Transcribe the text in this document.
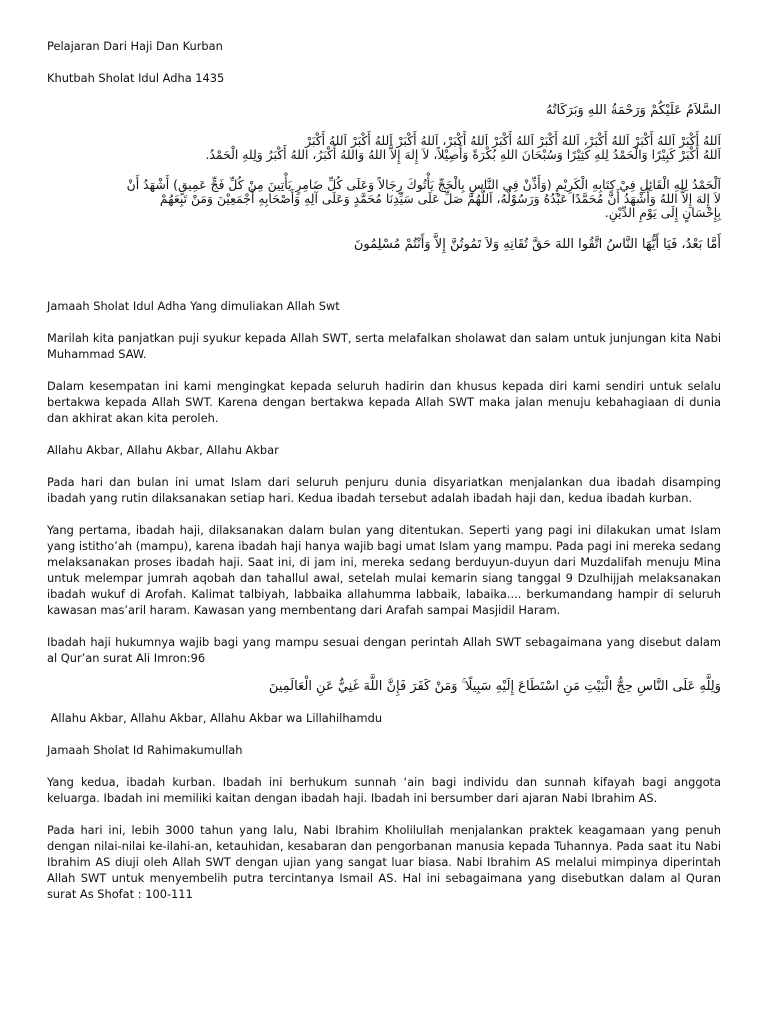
Pelajaran Dari Haji Dan Kurban

Khutbah Sholat Idul Adha 1435

السَّلاَمُ عَلَيْكُمْ وَرَحْمَةُ اللهِ وَبَرَكَاتُهُ

اَللهُ أَكْبَرْ اَللهُ أَكْبَرْ اَللهُ أَكْبَرْ، اَللهُ أَكْبَرْ اَللهُ أَكْبَرْ اَللهُ أَكْبَرْ، اَللهُ أَكْبَرْ اَللهُ أَكْبَرْ اَللهُ أَكْبَرْ

اَللهُ أَكْبَرْ كَبِيْرًا وَالْحَمْدُ لِلهِ كَثِيْرًا وَسُبْحَانَ اللهِ بُكْرَةً وَأَصِيْلاً، لاَ إِلهَ إِلاَّ اللهُ وَاللهُ أَكْبَرُ، اللهُ أَكْبَرُ وَلِلهِ الْحَمْدُ.

اَلْحَمْدُ لِلهِ الْقَائِلِ فِيْ كِتَابِهِ الْكَرِيْمِ (وَأَذِّنْ فِي النَّاسِ بِالْحَجِّ يَأْتُوكَ رِجَالاً وَعَلَى كُلِّ ضَامِرٍ يَأْتِينَ مِنْ كُلِّ فَجٍّ عَمِيقٍ) أَشْهَدُ أَنْ

لاَ إِلهَ إِلاَّ اللهُ وَأَشْهَدُ أَنَّ مُحَمَّدًا عَبْدُهُ وَرَسُوْلُهُ، اَللَّهُمَّ صَلِّ عَلَى سَيِّدِنَا مُحَمَّدٍ وَعَلَى آلِهِ وَأَصْحَابِهِ أَجْمَعِيْنَ وَمَنْ تَبِعَهُمْ

بِإِحْسَانٍ إِلَى يَوْمِ الدِّيْنِ.

أَمَّا بَعْدُ، فَيَا أَيُّهَا النَّاسُ اتَّقُوا اللهَ حَقَّ تُقَاتِهِ وَلاَ تَمُوتُنَّ إِلاَّ وَأَنْتُمْ مُسْلِمُونَ

Jamaah Sholat Idul Adha Yang dimuliakan Allah Swt

Marilah kita panjatkan puji syukur kepada Allah SWT, serta melafalkan sholawat dan salam untuk junjungan kita Nabi Muhammad SAW.

Dalam kesempatan ini kami mengingkat kepada seluruh hadirin dan khusus kepada diri kami sendiri untuk selalu bertakwa kepada Allah SWT. Karena dengan bertakwa kepada Allah SWT maka jalan menuju kebahagiaan di dunia dan akhirat akan kita peroleh.

Allahu Akbar, Allahu Akbar, Allahu Akbar

Pada hari dan bulan ini umat Islam dari seluruh penjuru dunia disyariatkan menjalankan dua ibadah disamping ibadah yang rutin dilaksanakan setiap hari. Kedua ibadah tersebut adalah ibadah haji dan, kedua ibadah kurban.

Yang pertama, ibadah haji, dilaksanakan dalam bulan yang ditentukan. Seperti yang pagi ini dilakukan umat Islam yang istitho’ah (mampu), karena ibadah haji hanya wajib bagi umat Islam yang mampu. Pada pagi ini mereka sedang melaksanakan proses ibadah haji. Saat ini, di jam ini, mereka sedang berduyun-duyun dari Muzdalifah menuju Mina untuk melempar jumrah aqobah dan tahallul awal, setelah mulai kemarin siang tanggal 9 Dzulhijjah melaksanakan ibadah wukuf di Arofah. Kalimat talbiyah, labbaika allahumma labbaik, labaika.... berkumandang hampir di seluruh kawasan mas’aril haram. Kawasan yang membentang dari Arafah sampai Masjidil Haram.

Ibadah haji hukumnya wajib bagi yang mampu sesuai dengan perintah Allah SWT sebagaimana yang disebut dalam al Qur’an surat Ali Imron:96

وَلِلَّهِ عَلَى النَّاسِ حِجُّ الْبَيْتِ مَنِ اسْتَطَاعَ إِلَيْهِ سَبِيلًا ۚ وَمَنْ كَفَرَ فَإِنَّ اللَّهَ غَنِيٌّ عَنِ الْعَالَمِينَ

Allahu Akbar, Allahu Akbar, Allahu Akbar wa Lillahilhamdu

Jamaah Sholat Id Rahimakumullah

Yang kedua, ibadah kurban. Ibadah ini berhukum sunnah ‘ain bagi individu dan sunnah kifayah bagi anggota keluarga. Ibadah ini memiliki kaitan dengan ibadah haji. Ibadah ini bersumber dari ajaran Nabi Ibrahim AS.

Pada hari ini, lebih 3000 tahun yang lalu, Nabi Ibrahim Kholilullah menjalankan praktek keagamaan yang penuh dengan nilai-nilai ke-ilahi-an, ketauhidan, kesabaran dan pengorbanan manusia kepada Tuhannya. Pada saat itu Nabi Ibrahim AS diuji oleh Allah SWT dengan ujian yang sangat luar biasa. Nabi Ibrahim AS melalui mimpinya diperintah Allah SWT untuk menyembelih putra tercintanya Ismail AS. Hal ini sebagaimana yang disebutkan dalam al Quran surat As Shofat : 100-111
